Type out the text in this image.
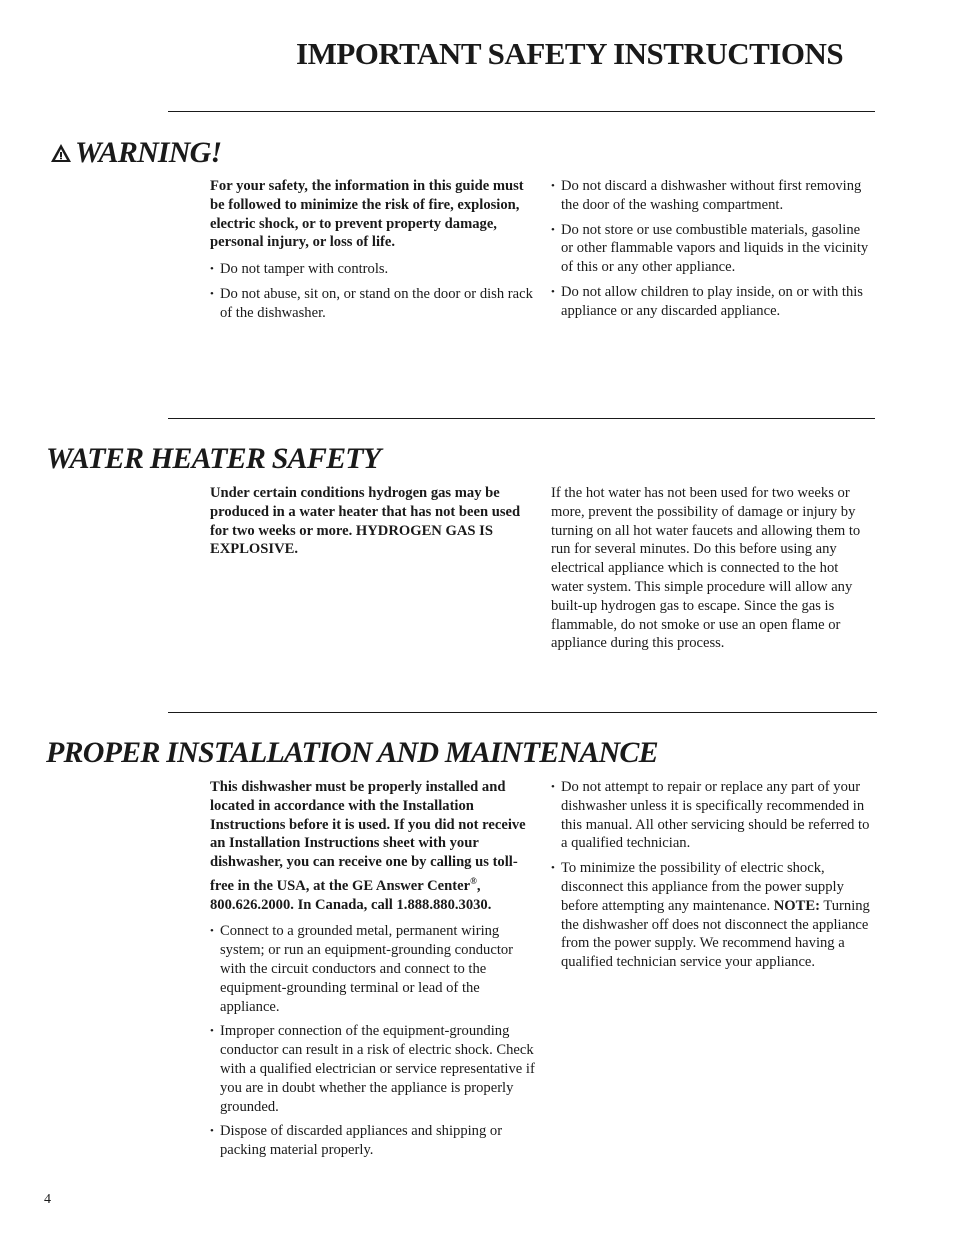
IMPORTANT SAFETY INSTRUCTIONS
WARNING!

For your safety, the information in this guide must be followed to minimize the risk of fire, explosion, electric shock, or to prevent property damage, personal injury, or loss of life.

• Do not tamper with controls.
• Do not abuse, sit on, or stand on the door or dish rack of the dishwasher.
• Do not discard a dishwasher without first removing the door of the washing compartment.
• Do not store or use combustible materials, gasoline or other flammable vapors and liquids in the vicinity of this or any other appliance.
• Do not allow children to play inside, on or with this appliance or any discarded appliance.
WATER HEATER SAFETY

Under certain conditions hydrogen gas may be produced in a water heater that has not been used for two weeks or more. HYDROGEN GAS IS EXPLOSIVE.

If the hot water has not been used for two weeks or more, prevent the possibility of damage or injury by turning on all hot water faucets and allowing them to run for several minutes. Do this before using any electrical appliance which is connected to the hot water system. This simple procedure will allow any built-up hydrogen gas to escape. Since the gas is flammable, do not smoke or use an open flame or appliance during this process.

PROPER INSTALLATION AND MAINTENANCE

This dishwasher must be properly installed and located in accordance with the Installation Instructions before it is used. If you did not receive an Installation Instructions sheet with your dishwasher, you can receive one by calling us toll-free in the USA, at the GE Answer Center®, 800.626.2000. In Canada, call 1.888.880.3030.

• Connect to a grounded metal, permanent wiring system; or run an equipment-grounding conductor with the circuit conductors and connect to the equipment-grounding terminal or lead of the appliance.
• Improper connection of the equipment-grounding conductor can result in a risk of electric shock. Check with a qualified electrician or service representative if you are in doubt whether the appliance is properly grounded.
• Dispose of discarded appliances and shipping or packing material properly.
• Do not attempt to repair or replace any part of your dishwasher unless it is specifically recommended in this manual. All other servicing should be referred to a qualified technician.
• To minimize the possibility of electric shock, disconnect this appliance from the power supply before attempting any maintenance. NOTE: Turning the dishwasher off does not disconnect the appliance from the power supply. We recommend having a qualified technician service your appliance.
4
